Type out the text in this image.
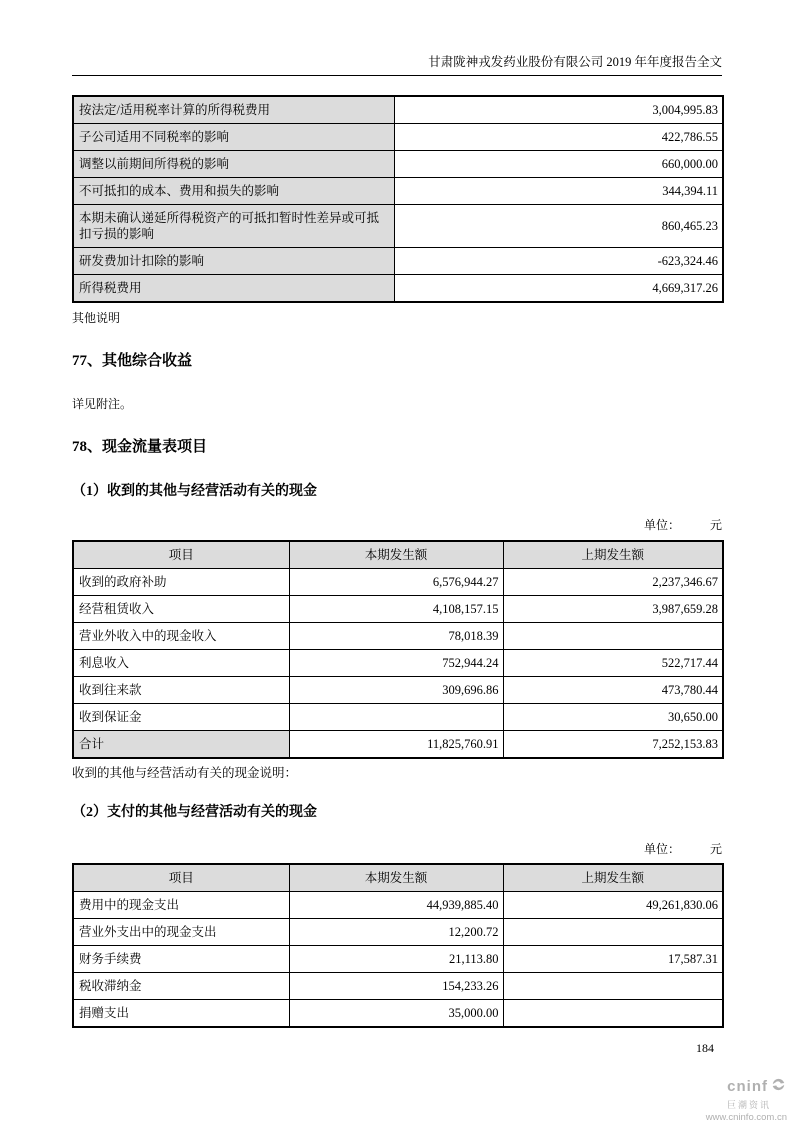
甘肃陇神戎发药业股份有限公司 2019 年年度报告全文
按法定/适用税率计算的所得税费用	3,004,995.83
子公司适用不同税率的影响	422,786.55
调整以前期间所得税的影响	660,000.00
不可抵扣的成本、费用和损失的影响	344,394.11
本期未确认递延所得税资产的可抵扣暂时性差异或可抵扣亏损的影响	860,465.23
研发费加计扣除的影响	-623,324.46
所得税费用	4,669,317.26
其他说明
77、其他综合收益
详见附注。
78、现金流量表项目
（1）收到的其他与经营活动有关的现金
单位：	元
项目	本期发生额	上期发生额
收到的政府补助	6,576,944.27	2,237,346.67
经营租赁收入	4,108,157.15	3,987,659.28
营业外收入中的现金收入	78,018.39	
利息收入	752,944.24	522,717.44
收到往来款	309,696.86	473,780.44
收到保证金		30,650.00
合计	11,825,760.91	7,252,153.83
收到的其他与经营活动有关的现金说明：
（2）支付的其他与经营活动有关的现金
单位：	元
项目	本期发生额	上期发生额
费用中的现金支出	44,939,885.40	49,261,830.06
营业外支出中的现金支出	12,200.72	
财务手续费	21,113.80	17,587.31
税收滞纳金	154,233.26	
捐赠支出	35,000.00	
184
cninf
巨潮资讯
www.cninfo.com.cn
